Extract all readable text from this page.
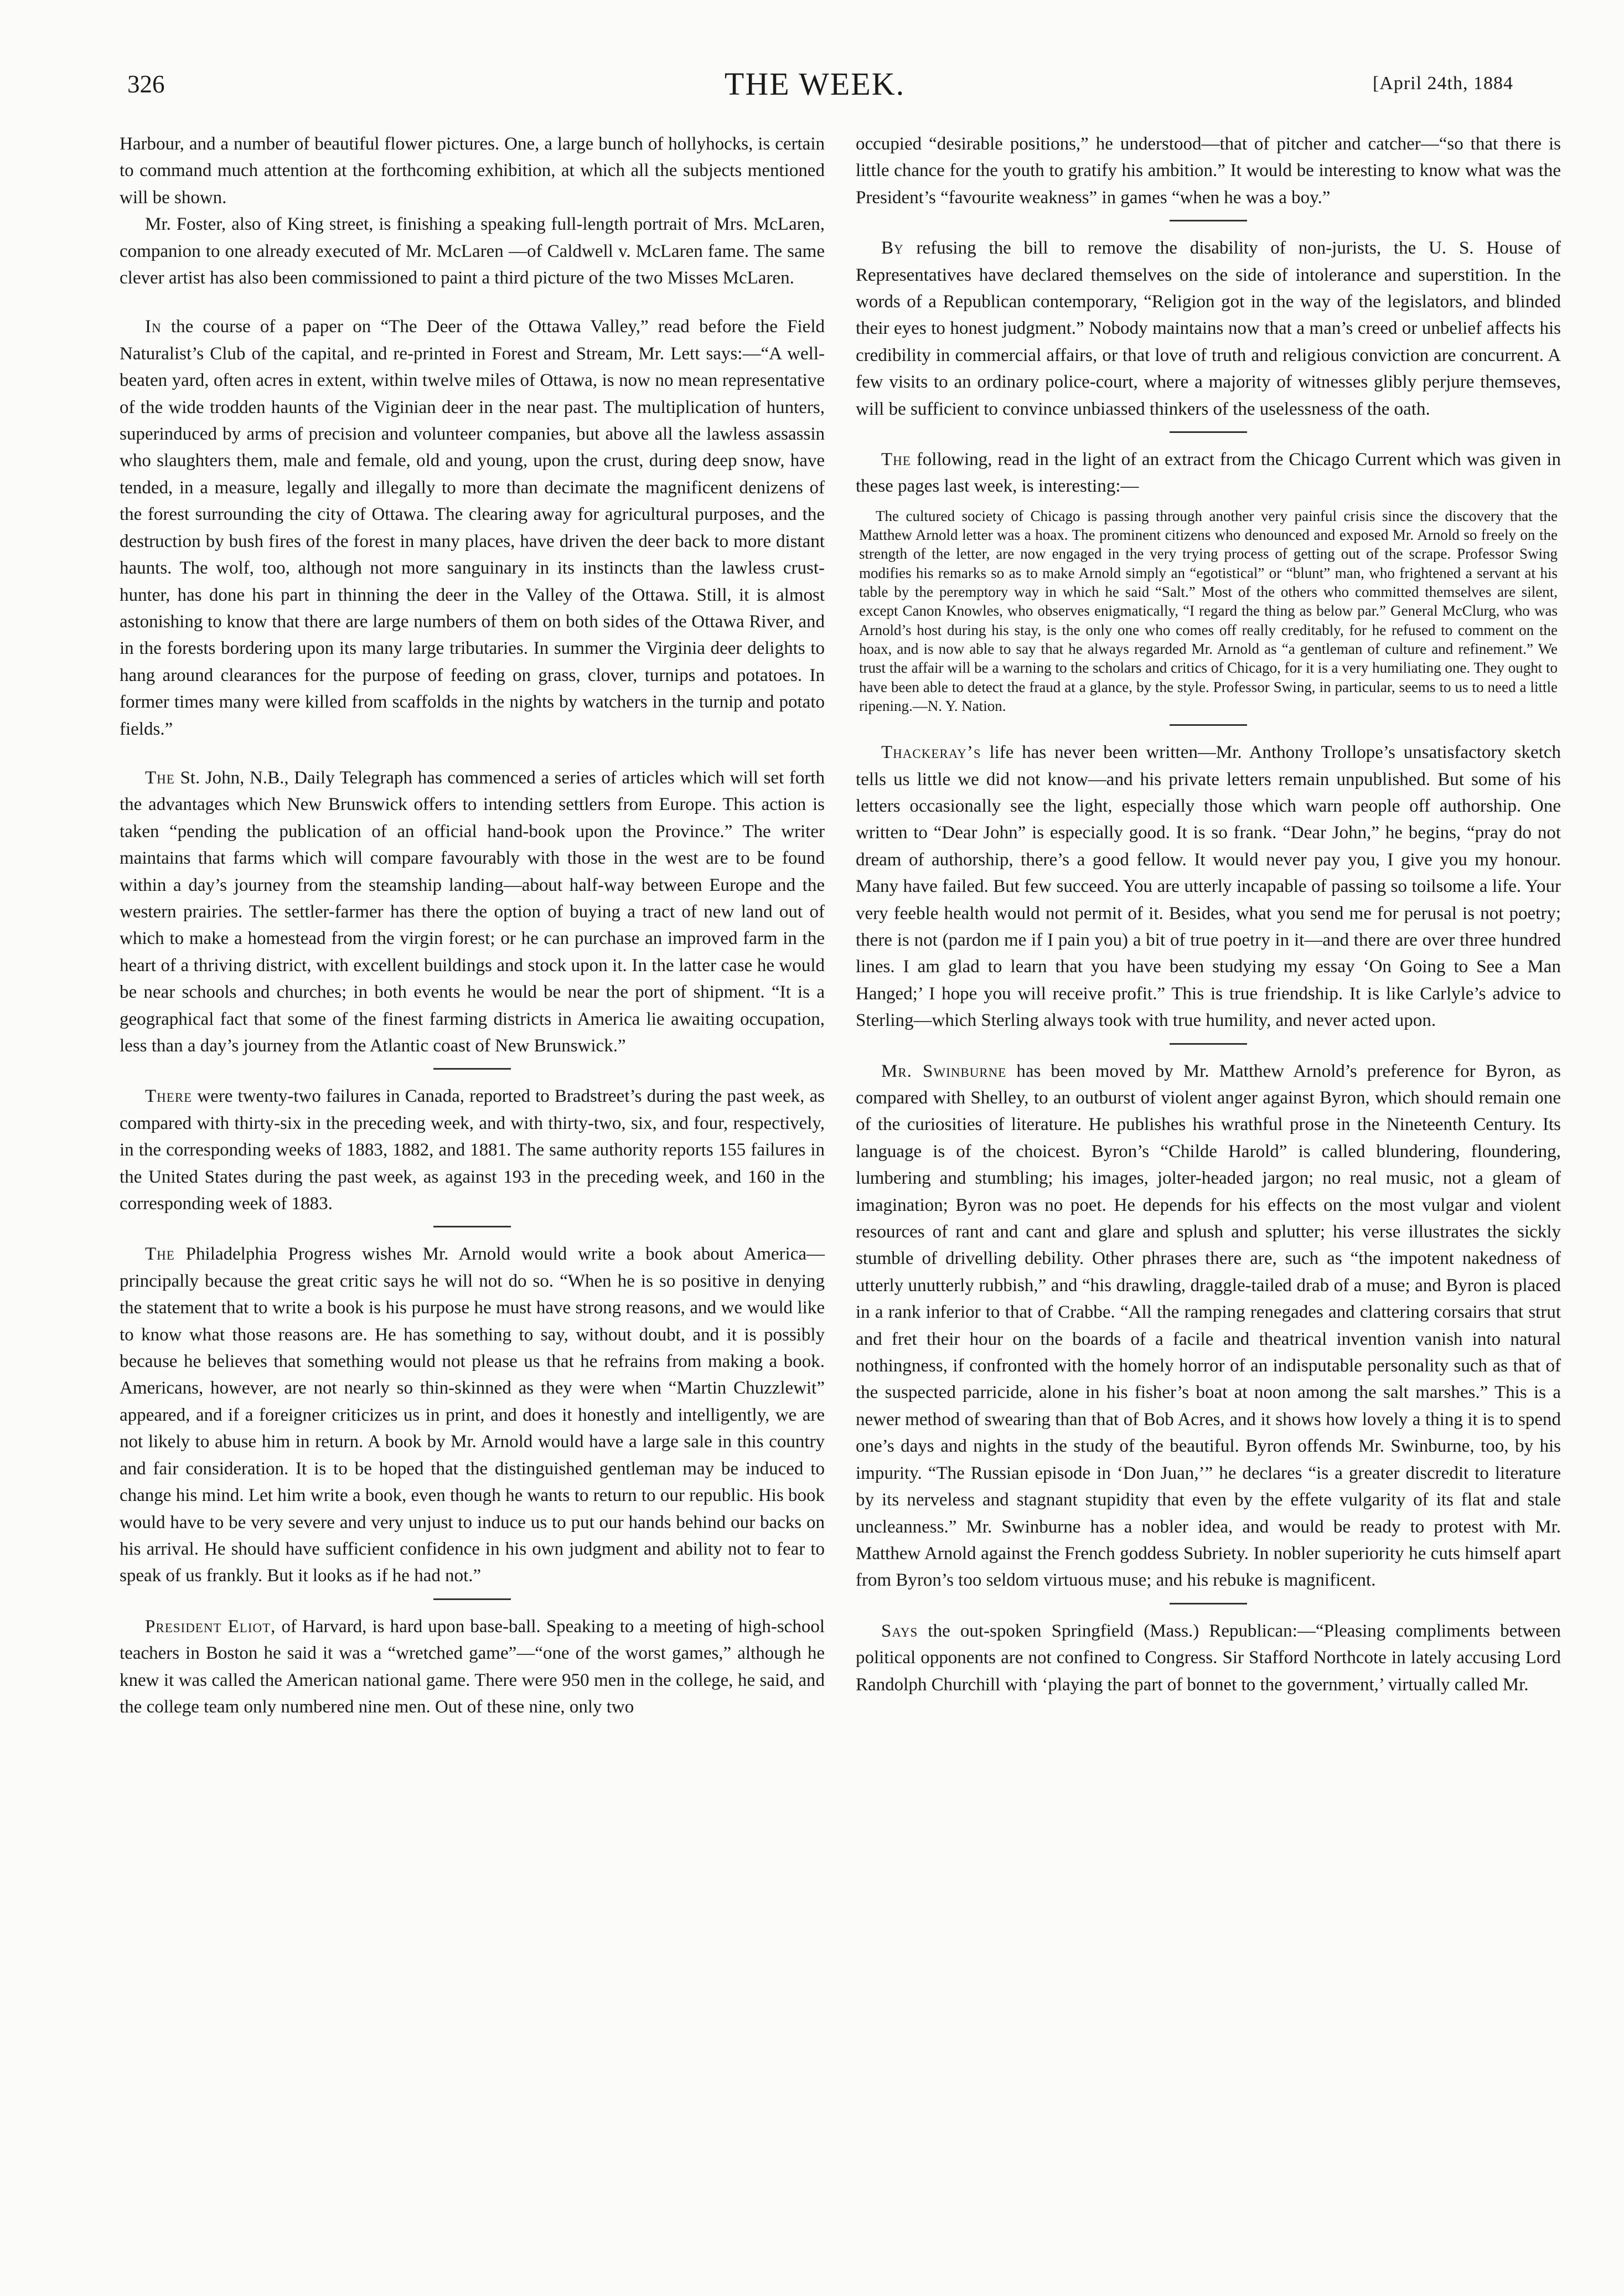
326	THE WEEK.	[April 24th, 1884

Harbour, and a number of beautiful flower pictures. One, a large bunch of hollyhocks, is certain to command much attention at the forthcoming exhibition, at which all the subjects mentioned will be shown.

Mr. Foster, also of King street, is finishing a speaking full-length portrait of Mrs. McLaren, companion to one already executed of Mr. McLaren —of Caldwell v. McLaren fame. The same clever artist has also been commissioned to paint a third picture of the two Misses McLaren.

In the course of a paper on “The Deer of the Ottawa Valley,” read before the Field Naturalist’s Club of the capital, and re-printed in Forest and Stream, Mr. Lett says:—“A well-beaten yard, often acres in extent, within twelve miles of Ottawa, is now no mean representative of the wide trodden haunts of the Viginian deer in the near past. The multiplication of hunters, superinduced by arms of precision and volunteer companies, but above all the lawless assassin who slaughters them, male and female, old and young, upon the crust, during deep snow, have tended, in a measure, legally and illegally to more than decimate the magnificent denizens of the forest surrounding the city of Ottawa. The clearing away for agricultural purposes, and the destruction by bush fires of the forest in many places, have driven the deer back to more distant haunts. The wolf, too, although not more sanguinary in its instincts than the lawless crust-hunter, has done his part in thinning the deer in the Valley of the Ottawa. Still, it is almost astonishing to know that there are large numbers of them on both sides of the Ottawa River, and in the forests bordering upon its many large tributaries. In summer the Virginia deer delights to hang around clearances for the purpose of feeding on grass, clover, turnips and potatoes. In former times many were killed from scaffolds in the nights by watchers in the turnip and potato fields.”

The St. John, N.B., Daily Telegraph has commenced a series of articles which will set forth the advantages which New Brunswick offers to intending settlers from Europe. This action is taken “pending the publication of an official hand-book upon the Province.” The writer maintains that farms which will compare favourably with those in the west are to be found within a day’s journey from the steamship landing—about half-way between Europe and the western prairies. The settler-farmer has there the option of buying a tract of new land out of which to make a homestead from the virgin forest; or he can purchase an improved farm in the heart of a thriving district, with excellent buildings and stock upon it. In the latter case he would be near schools and churches; in both events he would be near the port of shipment. “It is a geographical fact that some of the finest farming districts in America lie awaiting occupation, less than a day’s journey from the Atlantic coast of New Brunswick.”

There were twenty-two failures in Canada, reported to Bradstreet’s during the past week, as compared with thirty-six in the preceding week, and with thirty-two, six, and four, respectively, in the corresponding weeks of 1883, 1882, and 1881. The same authority reports 155 failures in the United States during the past week, as against 193 in the preceding week, and 160 in the corresponding week of 1883.

The Philadelphia Progress wishes Mr. Arnold would write a book about America—principally because the great critic says he will not do so. “When he is so positive in denying the statement that to write a book is his purpose he must have strong reasons, and we would like to know what those reasons are. He has something to say, without doubt, and it is possibly because he believes that something would not please us that he refrains from making a book. Americans, however, are not nearly so thin-skinned as they were when “Martin Chuzzlewit” appeared, and if a foreigner criticizes us in print, and does it honestly and intelligently, we are not likely to abuse him in return. A book by Mr. Arnold would have a large sale in this country and fair consideration. It is to be hoped that the distinguished gentleman may be induced to change his mind. Let him write a book, even though he wants to return to our republic. His book would have to be very severe and very unjust to induce us to put our hands behind our backs on his arrival. He should have sufficient confidence in his own judgment and ability not to fear to speak of us frankly. But it looks as if he had not.”

President Eliot, of Harvard, is hard upon base-ball. Speaking to a meeting of high-school teachers in Boston he said it was a “wretched game”—“one of the worst games,” although he knew it was called the American national game. There were 950 men in the college, he said, and the college team only numbered nine men. Out of these nine, only two

occupied “desirable positions,” he understood—that of pitcher and catcher—“so that there is little chance for the youth to gratify his ambition.” It would be interesting to know what was the President’s “favourite weakness” in games “when he was a boy.”

By refusing the bill to remove the disability of non-jurists, the U. S. House of Representatives have declared themselves on the side of intolerance and superstition. In the words of a Republican contemporary, “Religion got in the way of the legislators, and blinded their eyes to honest judgment.” Nobody maintains now that a man’s creed or unbelief affects his credibility in commercial affairs, or that love of truth and religious conviction are concurrent. A few visits to an ordinary police-court, where a majority of witnesses glibly perjure themseves, will be sufficient to convince unbiassed thinkers of the uselessness of the oath.

The following, read in the light of an extract from the Chicago Current which was given in these pages last week, is interesting:—

The cultured society of Chicago is passing through another very painful crisis since the discovery that the Matthew Arnold letter was a hoax. The prominent citizens who denounced and exposed Mr. Arnold so freely on the strength of the letter, are now engaged in the very trying process of getting out of the scrape. Professor Swing modifies his remarks so as to make Arnold simply an “egotistical” or “blunt” man, who frightened a servant at his table by the peremptory way in which he said “Salt.” Most of the others who committed themselves are silent, except Canon Knowles, who observes enigmatically, “I regard the thing as below par.” General McClurg, who was Arnold’s host during his stay, is the only one who comes off really creditably, for he refused to comment on the hoax, and is now able to say that he always regarded Mr. Arnold as “a gentleman of culture and refinement.” We trust the affair will be a warning to the scholars and critics of Chicago, for it is a very humiliating one. They ought to have been able to detect the fraud at a glance, by the style. Professor Swing, in particular, seems to us to need a little ripening.—N. Y. Nation.

Thackeray’s life has never been written—Mr. Anthony Trollope’s unsatisfactory sketch tells us little we did not know—and his private letters remain unpublished. But some of his letters occasionally see the light, especially those which warn people off authorship. One written to “Dear John” is especially good. It is so frank. “Dear John,” he begins, “pray do not dream of authorship, there’s a good fellow. It would never pay you, I give you my honour. Many have failed. But few succeed. You are utterly incapable of passing so toilsome a life. Your very feeble health would not permit of it. Besides, what you send me for perusal is not poetry; there is not (pardon me if I pain you) a bit of true poetry in it—and there are over three hundred lines. I am glad to learn that you have been studying my essay ‘On Going to See a Man Hanged;’ I hope you will receive profit.” This is true friendship. It is like Carlyle’s advice to Sterling—which Sterling always took with true humility, and never acted upon.

Mr. Swinburne has been moved by Mr. Matthew Arnold’s preference for Byron, as compared with Shelley, to an outburst of violent anger against Byron, which should remain one of the curiosities of literature. He publishes his wrathful prose in the Nineteenth Century. Its language is of the choicest. Byron’s “Childe Harold” is called blundering, floundering, lumbering and stumbling; his images, jolter-headed jargon; no real music, not a gleam of imagination; Byron was no poet. He depends for his effects on the most vulgar and violent resources of rant and cant and glare and splush and splutter; his verse illustrates the sickly stumble of drivelling debility. Other phrases there are, such as “the impotent nakedness of utterly unutterly rubbish,” and “his drawling, draggle-tailed drab of a muse; and Byron is placed in a rank inferior to that of Crabbe. “All the ramping renegades and clattering corsairs that strut and fret their hour on the boards of a facile and theatrical invention vanish into natural nothingness, if confronted with the homely horror of an indisputable personality such as that of the suspected parricide, alone in his fisher’s boat at noon among the salt marshes.” This is a newer method of swearing than that of Bob Acres, and it shows how lovely a thing it is to spend one’s days and nights in the study of the beautiful. Byron offends Mr. Swinburne, too, by his impurity. “The Russian episode in ‘Don Juan,’” he declares “is a greater discredit to literature by its nerveless and stagnant stupidity that even by the effete vulgarity of its flat and stale uncleanness.” Mr. Swinburne has a nobler idea, and would be ready to protest with Mr. Matthew Arnold against the French goddess Subriety. In nobler superiority he cuts himself apart from Byron’s too seldom virtuous muse; and his rebuke is magnificent.

Says the out-spoken Springfield (Mass.) Republican:—“Pleasing compliments between political opponents are not confined to Congress. Sir Stafford Northcote in lately accusing Lord Randolph Churchill with ‘playing the part of bonnet to the government,’ virtually called Mr.
